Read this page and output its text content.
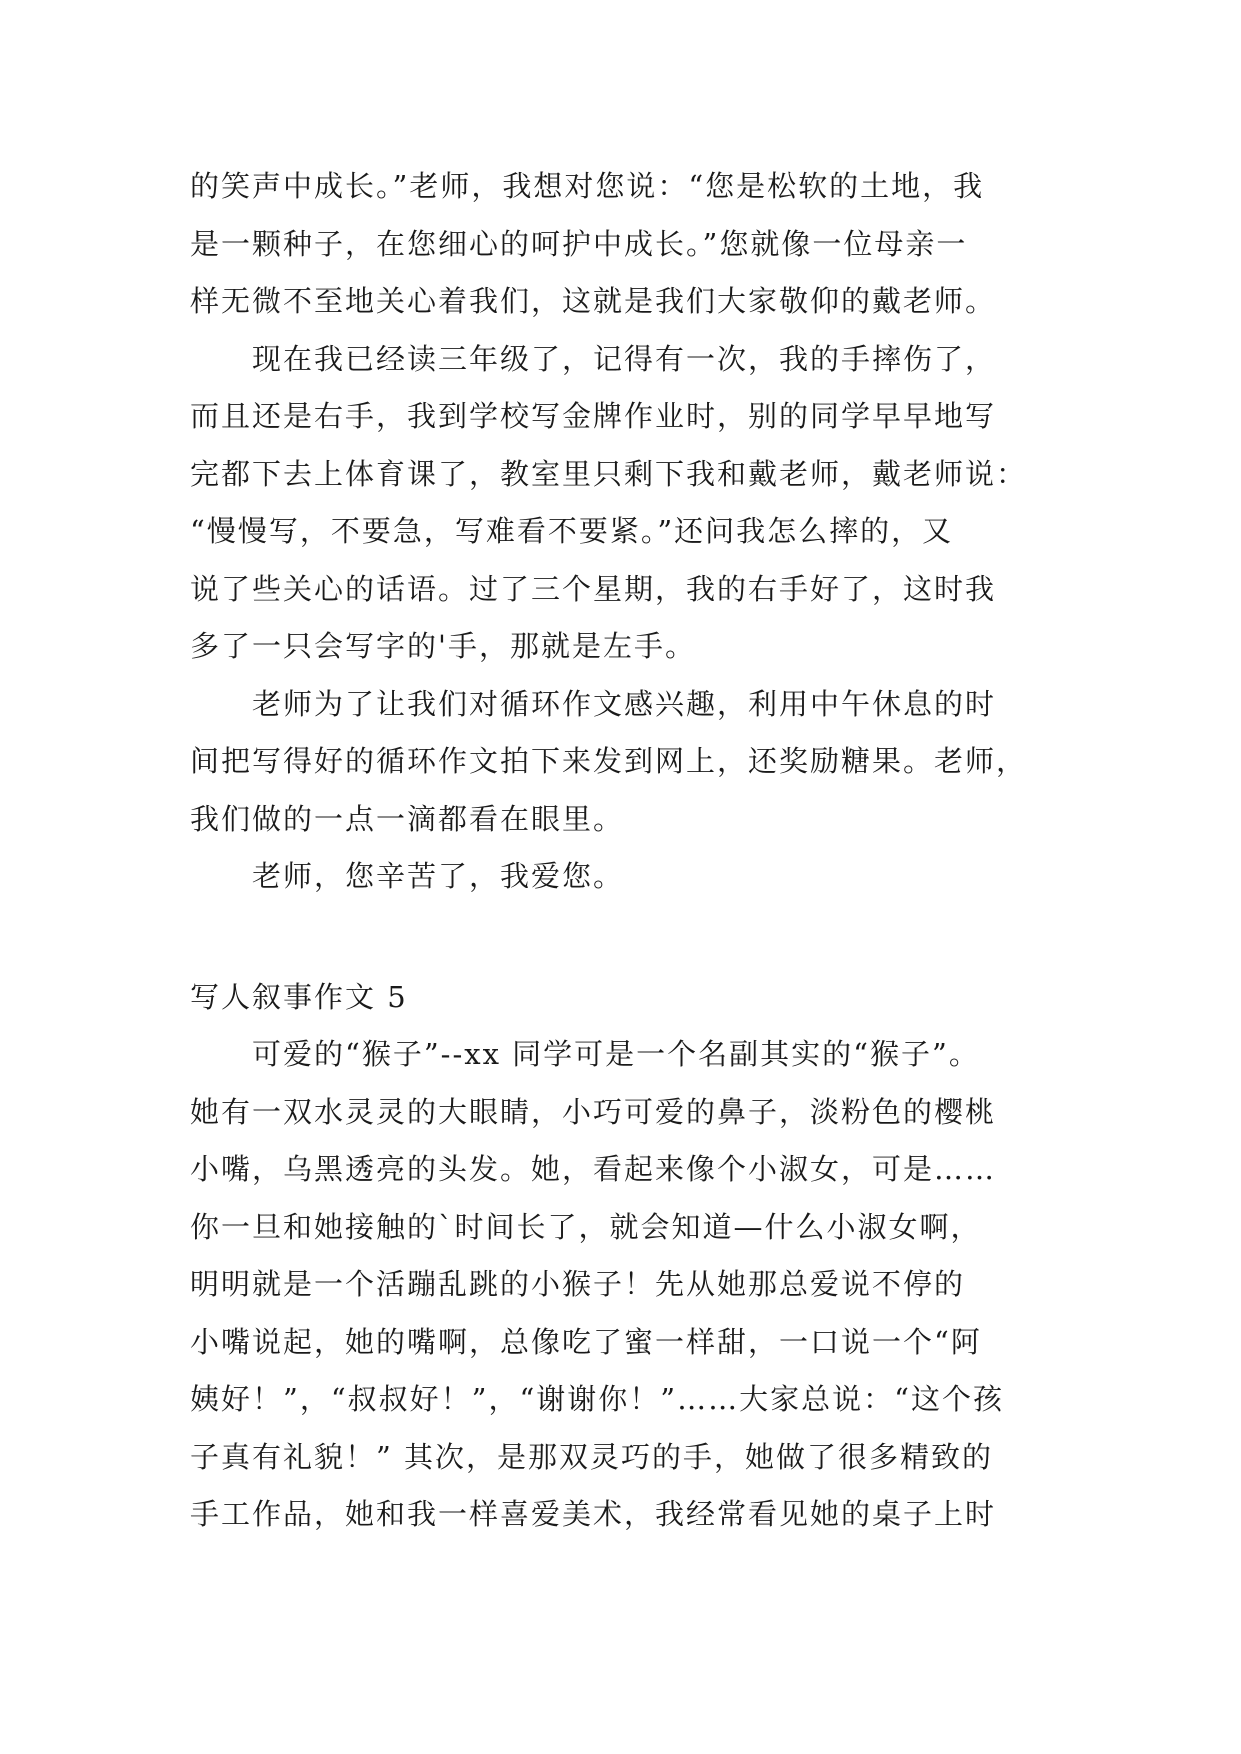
的笑声中成长。”老师，我想对您说：“您是松软的土地，我
是一颗种子，在您细心的呵护中成长。”您就像一位母亲一
样无微不至地关心着我们，这就是我们大家敬仰的戴老师。
现在我已经读三年级了，记得有一次，我的手摔伤了，
而且还是右手，我到学校写金牌作业时，别的同学早早地写
完都下去上体育课了，教室里只剩下我和戴老师，戴老师说：
“慢慢写，不要急，写难看不要紧。”还问我怎么摔的，又
说了些关心的话语。过了三个星期，我的右手好了，这时我
多了一只会写字的'手，那就是左手。
老师为了让我们对循环作文感兴趣，利用中午休息的时
间把写得好的循环作文拍下来发到网上，还奖励糖果。老师，
我们做的一点一滴都看在眼里。
老师，您辛苦了，我爱您。
写人叙事作文 5
可爱的“猴子”--xx 同学可是一个名副其实的“猴子”。
她有一双水灵灵的大眼睛，小巧可爱的鼻子，淡粉色的樱桃
小嘴，乌黑透亮的头发。她，看起来像个小淑女，可是……
你一旦和她接触的`时间长了，就会知道—什么小淑女啊，
明明就是一个活蹦乱跳的小猴子！先从她那总爱说不停的
小嘴说起，她的嘴啊，总像吃了蜜一样甜，一口说一个“阿
姨好！”，“叔叔好！”，“谢谢你！”……大家总说：“这个孩
子真有礼貌！” 其次，是那双灵巧的手，她做了很多精致的
手工作品，她和我一样喜爱美术，我经常看见她的桌子上时
